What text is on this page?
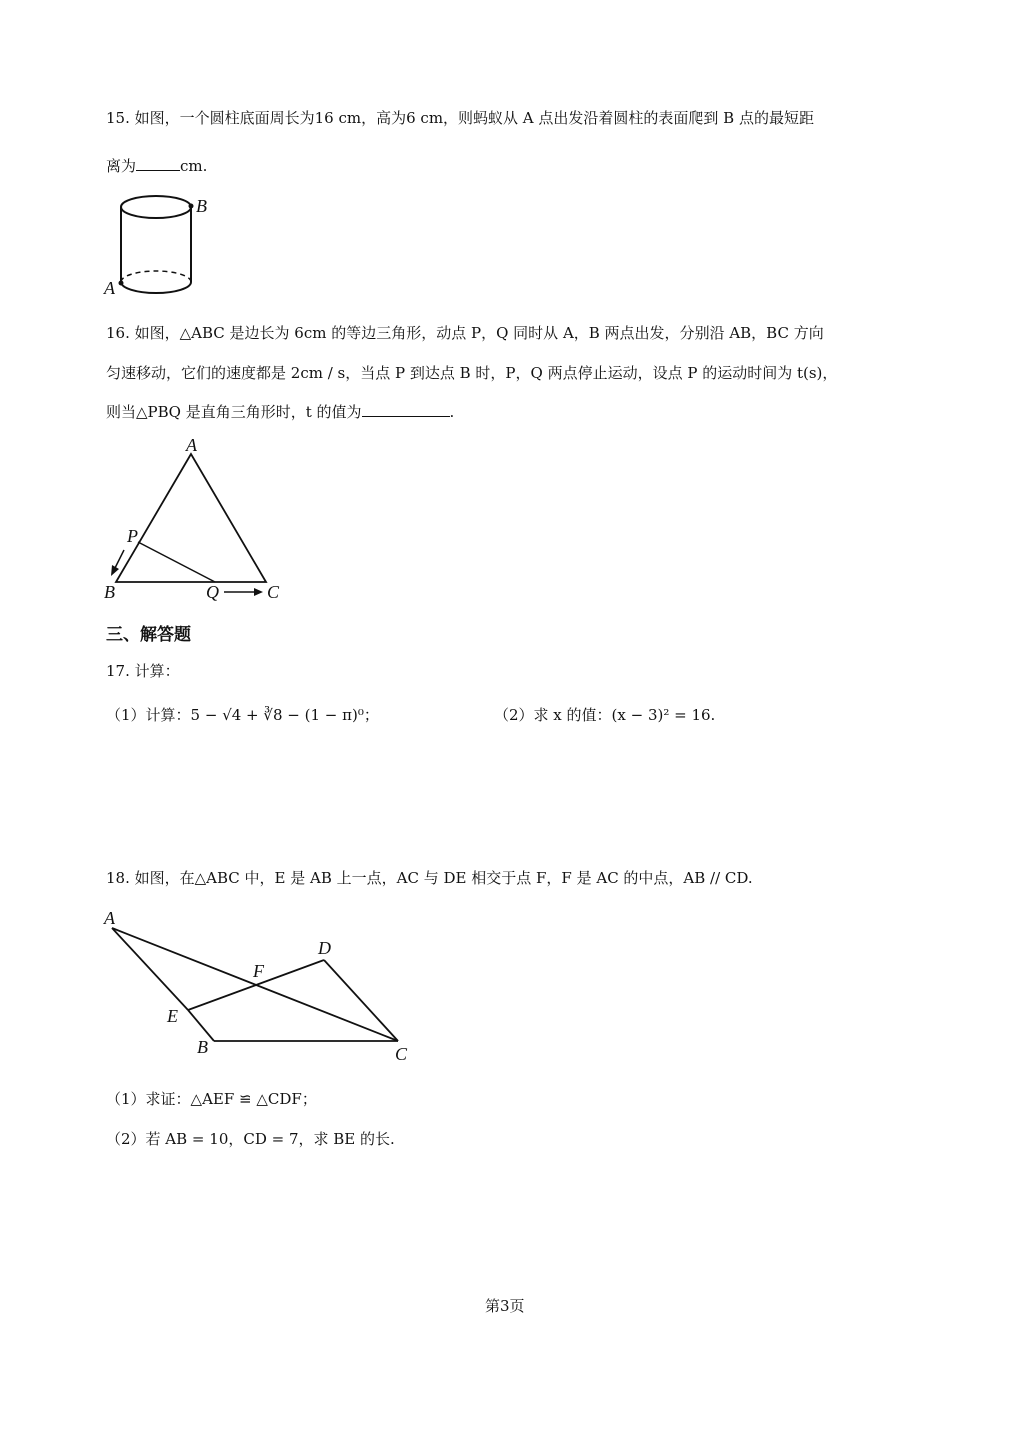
15. 如图，一个圆柱底面周长为16 cm，高为6 cm，则蚂蚁从 A 点出发沿着圆柱的表面爬到 B 点的最短距
离为	cm.
B
A
16. 如图，△ABC 是边长为 6cm 的等边三角形，动点 P，Q 同时从 A，B 两点出发，分别沿 AB，BC 方向
匀速移动，它们的速度都是 2cm / s，当点 P 到达点 B 时，P，Q 两点停止运动，设点 P 的运动时间为 t(s)，
则当△PBQ 是直角三角形时，t 的值为	.
A
P
B	Q	C
三、解答题
17. 计算：
（1）计算：5 − √4 + ∛8 − (1 − π)⁰；	（2）求 x 的值：(x − 3)² = 16.
18. 如图，在△ABC 中，E 是 AB 上一点，AC 与 DE 相交于点 F，F 是 AC 的中点，AB // CD.
A
D
F
E
B	C
（1）求证：△AEF ≌ △CDF；
（2）若 AB = 10，CD = 7，求 BE 的长.
第3页
